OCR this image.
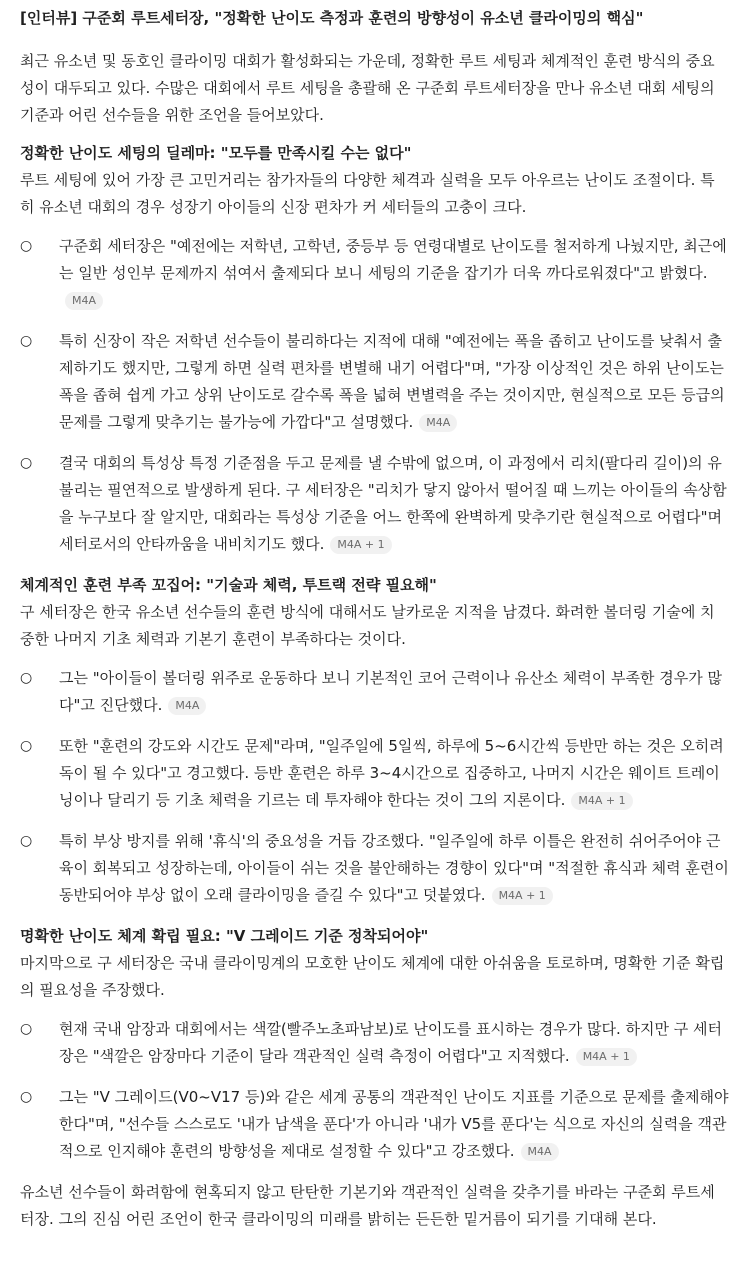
[인터뷰] 구준회 루트세터장, "정확한 난이도 측정과 훈련의 방향성이 유소년 클라이밍의 핵심"

최근 유소년 및 동호인 클라이밍 대회가 활성화되는 가운데, 정확한 루트 세팅과 체계적인 훈련 방식의 중요성이 대두되고 있다. 수많은 대회에서 루트 세팅을 총괄해 온 구준회 루트세터장을 만나 유소년 대회 세팅의 기준과 어린 선수들을 위한 조언을 들어보았다.

정확한 난이도 세팅의 딜레마: "모두를 만족시킬 수는 없다"

루트 세팅에 있어 가장 큰 고민거리는 참가자들의 다양한 체격과 실력을 모두 아우르는 난이도 조절이다. 특히 유소년 대회의 경우 성장기 아이들의 신장 편차가 커 세터들의 고충이 크다.

○ 구준회 세터장은 "예전에는 저학년, 고학년, 중등부 등 연령대별로 난이도를 철저하게 나눴지만, 최근에는 일반 성인부 문제까지 섞여서 출제되다 보니 세팅의 기준을 잡기가 더욱 까다로워졌다"고 밝혔다.M4A
○ 특히 신장이 작은 저학년 선수들이 불리하다는 지적에 대해 "예전에는 폭을 좁히고 난이도를 낮춰서 출제하기도 했지만, 그렇게 하면 실력 편차를 변별해 내기 어렵다"며, "가장 이상적인 것은 하위 난이도는 폭을 좁혀 쉽게 가고 상위 난이도로 갈수록 폭을 넓혀 변별력을 주는 것이지만, 현실적으로 모든 등급의 문제를 그렇게 맞추기는 불가능에 가깝다"고 설명했다. M4A
○ 결국 대회의 특성상 특정 기준점을 두고 문제를 낼 수밖에 없으며, 이 과정에서 리치(팔다리 길이)의 유불리는 필연적으로 발생하게 된다. 구 세터장은 "리치가 닿지 않아서 떨어질 때 느끼는 아이들의 속상함을 누구보다 잘 알지만, 대회라는 특성상 기준을 어느 한쪽에 완벽하게 맞추기란 현실적으로 어렵다"며 세터로서의 안타까움을 내비치기도 했다. M4A + 1

체계적인 훈련 부족 꼬집어: "기술과 체력, 투트랙 전략 필요해"

구 세터장은 한국 유소년 선수들의 훈련 방식에 대해서도 날카로운 지적을 남겼다. 화려한 볼더링 기술에 치중한 나머지 기초 체력과 기본기 훈련이 부족하다는 것이다.

○ 그는 "아이들이 볼더링 위주로 운동하다 보니 기본적인 코어 근력이나 유산소 체력이 부족한 경우가 많다"고 진단했다. M4A
○ 또한 "훈련의 강도와 시간도 문제"라며, "일주일에 5일씩, 하루에 5~6시간씩 등반만 하는 것은 오히려 독이 될 수 있다"고 경고했다. 등반 훈련은 하루 3~4시간으로 집중하고, 나머지 시간은 웨이트 트레이닝이나 달리기 등 기초 체력을 기르는 데 투자해야 한다는 것이 그의 지론이다. M4A + 1
○ 특히 부상 방지를 위해 '휴식'의 중요성을 거듭 강조했다. "일주일에 하루 이틀은 완전히 쉬어주어야 근육이 회복되고 성장하는데, 아이들이 쉬는 것을 불안해하는 경향이 있다"며 "적절한 휴식과 체력 훈련이 동반되어야 부상 없이 오래 클라이밍을 즐길 수 있다"고 덧붙였다. M4A + 1

명확한 난이도 체계 확립 필요: "V 그레이드 기준 정착되어야"

마지막으로 구 세터장은 국내 클라이밍계의 모호한 난이도 체계에 대한 아쉬움을 토로하며, 명확한 기준 확립의 필요성을 주장했다.

○ 현재 국내 암장과 대회에서는 색깔(빨주노초파남보)로 난이도를 표시하는 경우가 많다. 하지만 구 세터장은 "색깔은 암장마다 기준이 달라 객관적인 실력 측정이 어렵다"고 지적했다. M4A + 1
○ 그는 "V 그레이드(V0~V17 등)와 같은 세계 공통의 객관적인 난이도 지표를 기준으로 문제를 출제해야 한다"며, "선수들 스스로도 '내가 남색을 푼다'가 아니라 '내가 V5를 푼다'는 식으로 자신의 실력을 객관적으로 인지해야 훈련의 방향성을 제대로 설정할 수 있다"고 강조했다. M4A

유소년 선수들이 화려함에 현혹되지 않고 탄탄한 기본기와 객관적인 실력을 갖추기를 바라는 구준회 루트세터장. 그의 진심 어린 조언이 한국 클라이밍의 미래를 밝히는 든든한 밑거름이 되기를 기대해 본다.
